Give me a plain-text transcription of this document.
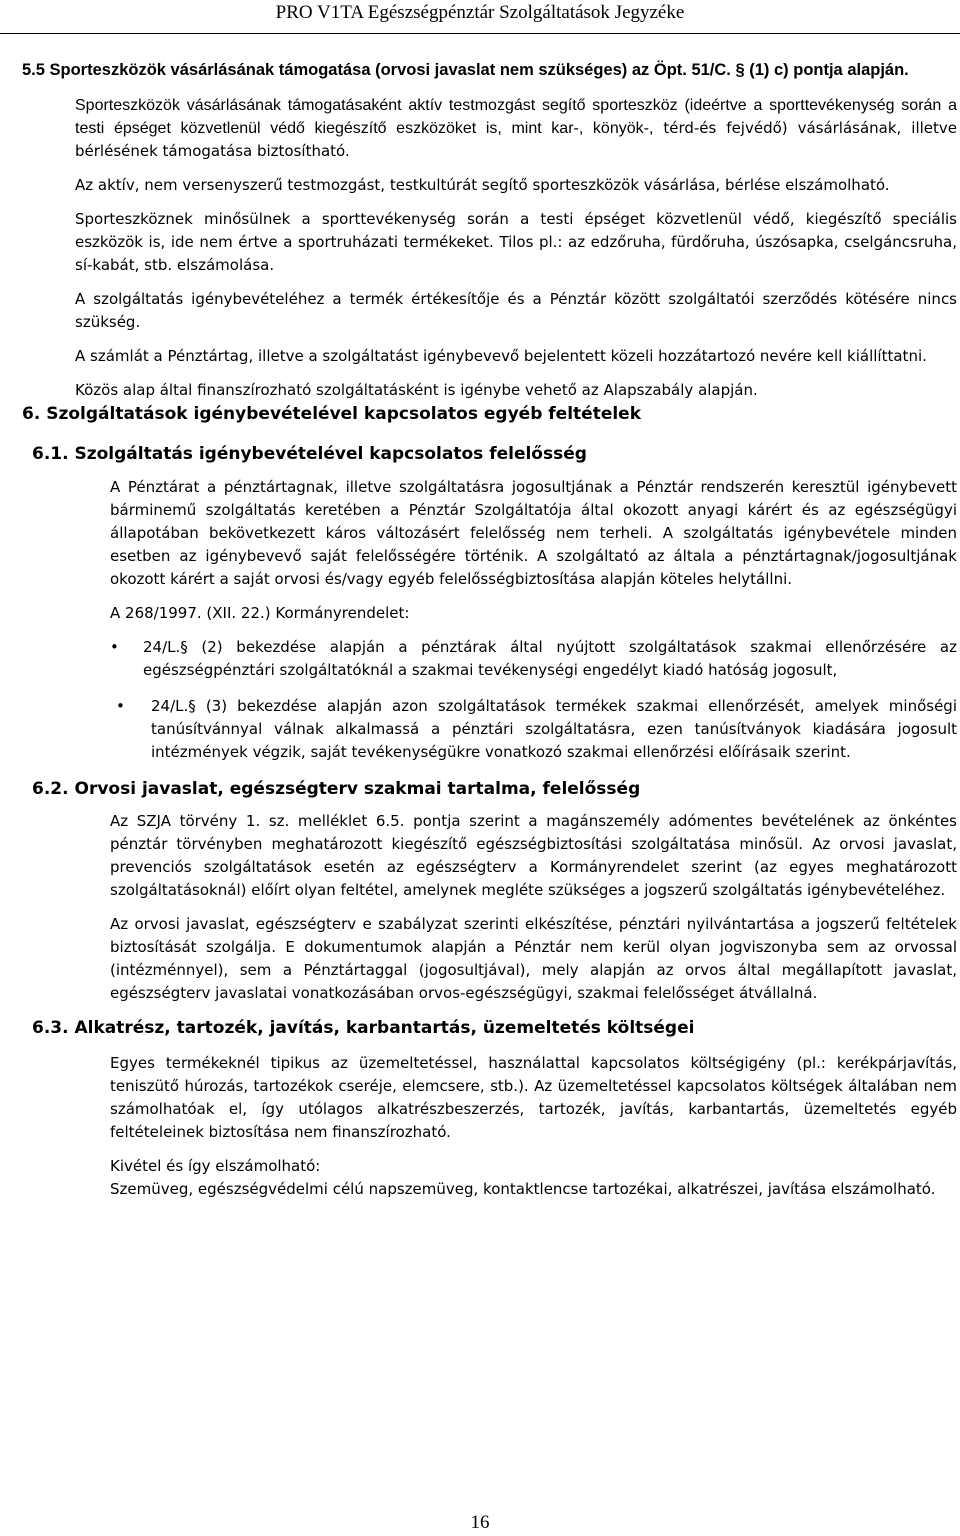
PRO V1TA Egészségpénztár Szolgáltatások Jegyzéke

5.5 Sporteszközök vásárlásának támogatása (orvosi javaslat nem szükséges) az Öpt. 51/C. § (1) c) pontja alapján.

Sporteszközök vásárlásának támogatásaként aktív testmozgást segítő sporteszköz (ideértve a sporttevékenység során a testi épséget közvetlenül védő kiegészítő eszközöket is, mint kar-, könyök-, térd-és fejvédő) vásárlásának, illetve bérlésének támogatása biztosítható.

Az aktív, nem versenyszerű testmozgást, testkultúrát segítő sporteszközök vásárlása, bérlése elszámolható.

Sporteszköznek minősülnek a sporttevékenység során a testi épséget közvetlenül védő, kiegészítő speciális eszközök is, ide nem értve a sportruházati termékeket. Tilos pl.: az edzőruha, fürdőruha, úszósapka, cselgáncsruha, sí-kabát, stb. elszámolása.

A szolgáltatás igénybevételéhez a termék értékesítője és a Pénztár között szolgáltatói szerződés kötésére nincs szükség.

A számlát a Pénztártag, illetve a szolgáltatást igénybevevő bejelentett közeli hozzátartozó nevére kell kiállíttatni.

Közös alap által finanszírozható szolgáltatásként is igénybe vehető az Alapszabály alapján.

6. Szolgáltatások igénybevételével kapcsolatos egyéb feltételek
6.1. Szolgáltatás igénybevételével kapcsolatos felelősség

A Pénztárat a pénztártagnak, illetve szolgáltatásra jogosultjának a Pénztár rendszerén keresztül igénybevett bárminemű szolgáltatás keretében a Pénztár Szolgáltatója által okozott anyagi kárért és az egészségügyi állapotában bekövetkezett káros változásért felelősség nem terheli. A szolgáltatás igénybevétele minden esetben az igénybevevő saját felelősségére történik. A szolgáltató az általa a pénztártagnak/jogosultjának okozott kárért a saját orvosi és/vagy egyéb felelősségbiztosítása alapján köteles helytállni.

A 268/1997. (XII. 22.) Kormányrendelet:

• 24/L.§ (2) bekezdése alapján a pénztárak által nyújtott szolgáltatások szakmai ellenőrzésére az egészségpénztári szolgáltatóknál a szakmai tevékenységi engedélyt kiadó hatóság jogosult,
• 24/L.§ (3) bekezdése alapján azon szolgáltatások termékek szakmai ellenőrzését, amelyek minőségi tanúsítvánnyal válnak alkalmassá a pénztári szolgáltatásra, ezen tanúsítványok kiadására jogosult intézmények végzik, saját tevékenységükre vonatkozó szakmai ellenőrzési előírásaik szerint.
6.2. Orvosi javaslat, egészségterv szakmai tartalma, felelősség

Az SZJA törvény 1. sz. melléklet 6.5. pontja szerint a magánszemély adómentes bevételének az önkéntes pénztár törvényben meghatározott kiegészítő egészségbiztosítási szolgáltatása minősül. Az orvosi javaslat, prevenciós szolgáltatások esetén az egészségterv a Kormányrendelet szerint (az egyes meghatározott szolgáltatásoknál) előírt olyan feltétel, amelynek megléte szükséges a jogszerű szolgáltatás igénybevételéhez.

Az orvosi javaslat, egészségterv e szabályzat szerinti elkészítése, pénztári nyilvántartása a jogszerű feltételek biztosítását szolgálja. E dokumentumok alapján a Pénztár nem kerül olyan jogviszonyba sem az orvossal (intézménnyel), sem a Pénztártaggal (jogosultjával), mely alapján az orvos által megállapított javaslat, egészségterv javaslatai vonatkozásában orvos-egészségügyi, szakmai felelősséget átvállalná.

6.3. Alkatrész, tartozék, javítás, karbantartás, üzemeltetés költségei

Egyes termékeknél tipikus az üzemeltetéssel, használattal kapcsolatos költségigény (pl.: kerékpárjavítás, teniszütő húrozás, tartozékok cseréje, elemcsere, stb.). Az üzemeltetéssel kapcsolatos költségek általában nem számolhatóak el, így utólagos alkatrészbeszerzés, tartozék, javítás, karbantartás, üzemeltetés egyéb feltételeinek biztosítása nem finanszírozható.

Kivétel és így elszámolható:
Szemüveg, egészségvédelmi célú napszemüveg, kontaktlencse tartozékai, alkatrészei, javítása elszámolható.

16
